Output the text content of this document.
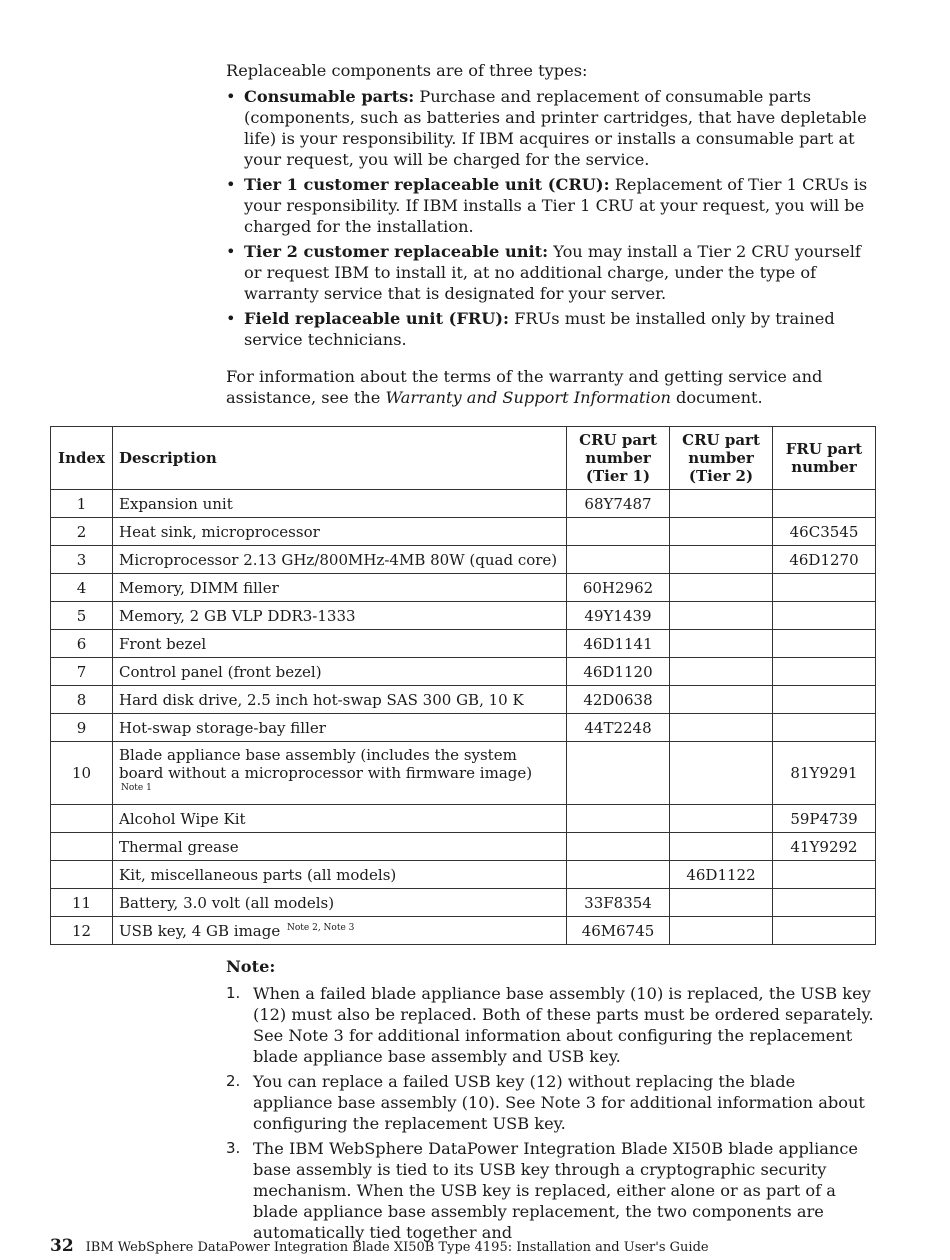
Replaceable components are of three types:

• Consumable parts: Purchase and replacement of consumable parts (components, such as batteries and printer cartridges, that have depletable life) is your responsibility. If IBM acquires or installs a consumable part at your request, you will be charged for the service.
• Tier 1 customer replaceable unit (CRU): Replacement of Tier 1 CRUs is your responsibility. If IBM installs a Tier 1 CRU at your request, you will be charged for the installation.
• Tier 2 customer replaceable unit: You may install a Tier 2 CRU yourself or request IBM to install it, at no additional charge, under the type of warranty service that is designated for your server.
• Field replaceable unit (FRU): FRUs must be installed only by trained service technicians.

For information about the terms of the warranty and getting service and assistance, see the Warranty and Support Information document.

Index	Description	CRU part number (Tier 1)	CRU part number (Tier 2)	FRU part number
1	Expansion unit	68Y7487		
2	Heat sink, microprocessor			46C3545
3	Microprocessor 2.13 GHz/800MHz-4MB 80W (quad core)			46D1270
4	Memory, DIMM filler	60H2962		
5	Memory, 2 GB VLP DDR3-1333	49Y1439		
6	Front bezel	46D1141		
7	Control panel (front bezel)	46D1120		
8	Hard disk drive, 2.5 inch hot-swap SAS 300 GB, 10 K	42D0638		
9	Hot-swap storage-bay filler	44T2248		
10	Blade appliance base assembly (includes the system board without a microprocessor with firmware image) $^{Note 1}$			81Y9291
	Alcohol Wipe Kit			59P4739
	Thermal grease			41Y9292
	Kit, miscellaneous parts (all models)		46D1122	
11	Battery, 3.0 volt (all models)	33F8354		
12	USB key, 4 GB image $^{Note 2, Note 3}$	46M6745		

Note:

1. When a failed blade appliance base assembly (10) is replaced, the USB key (12) must also be replaced. Both of these parts must be ordered separately. See Note 3 for additional information about configuring the replacement blade appliance base assembly and USB key.
2. You can replace a failed USB key (12) without replacing the blade appliance base assembly (10). See Note 3 for additional information about configuring the replacement USB key.
3. The IBM WebSphere DataPower Integration Blade XI50B blade appliance base assembly is tied to its USB key through a cryptographic security mechanism. When the USB key is replaced, either alone or as part of a blade appliance base assembly replacement, the two components are automatically tied together and
32 IBM WebSphere DataPower Integration Blade XI50B Type 4195: Installation and User's Guide
